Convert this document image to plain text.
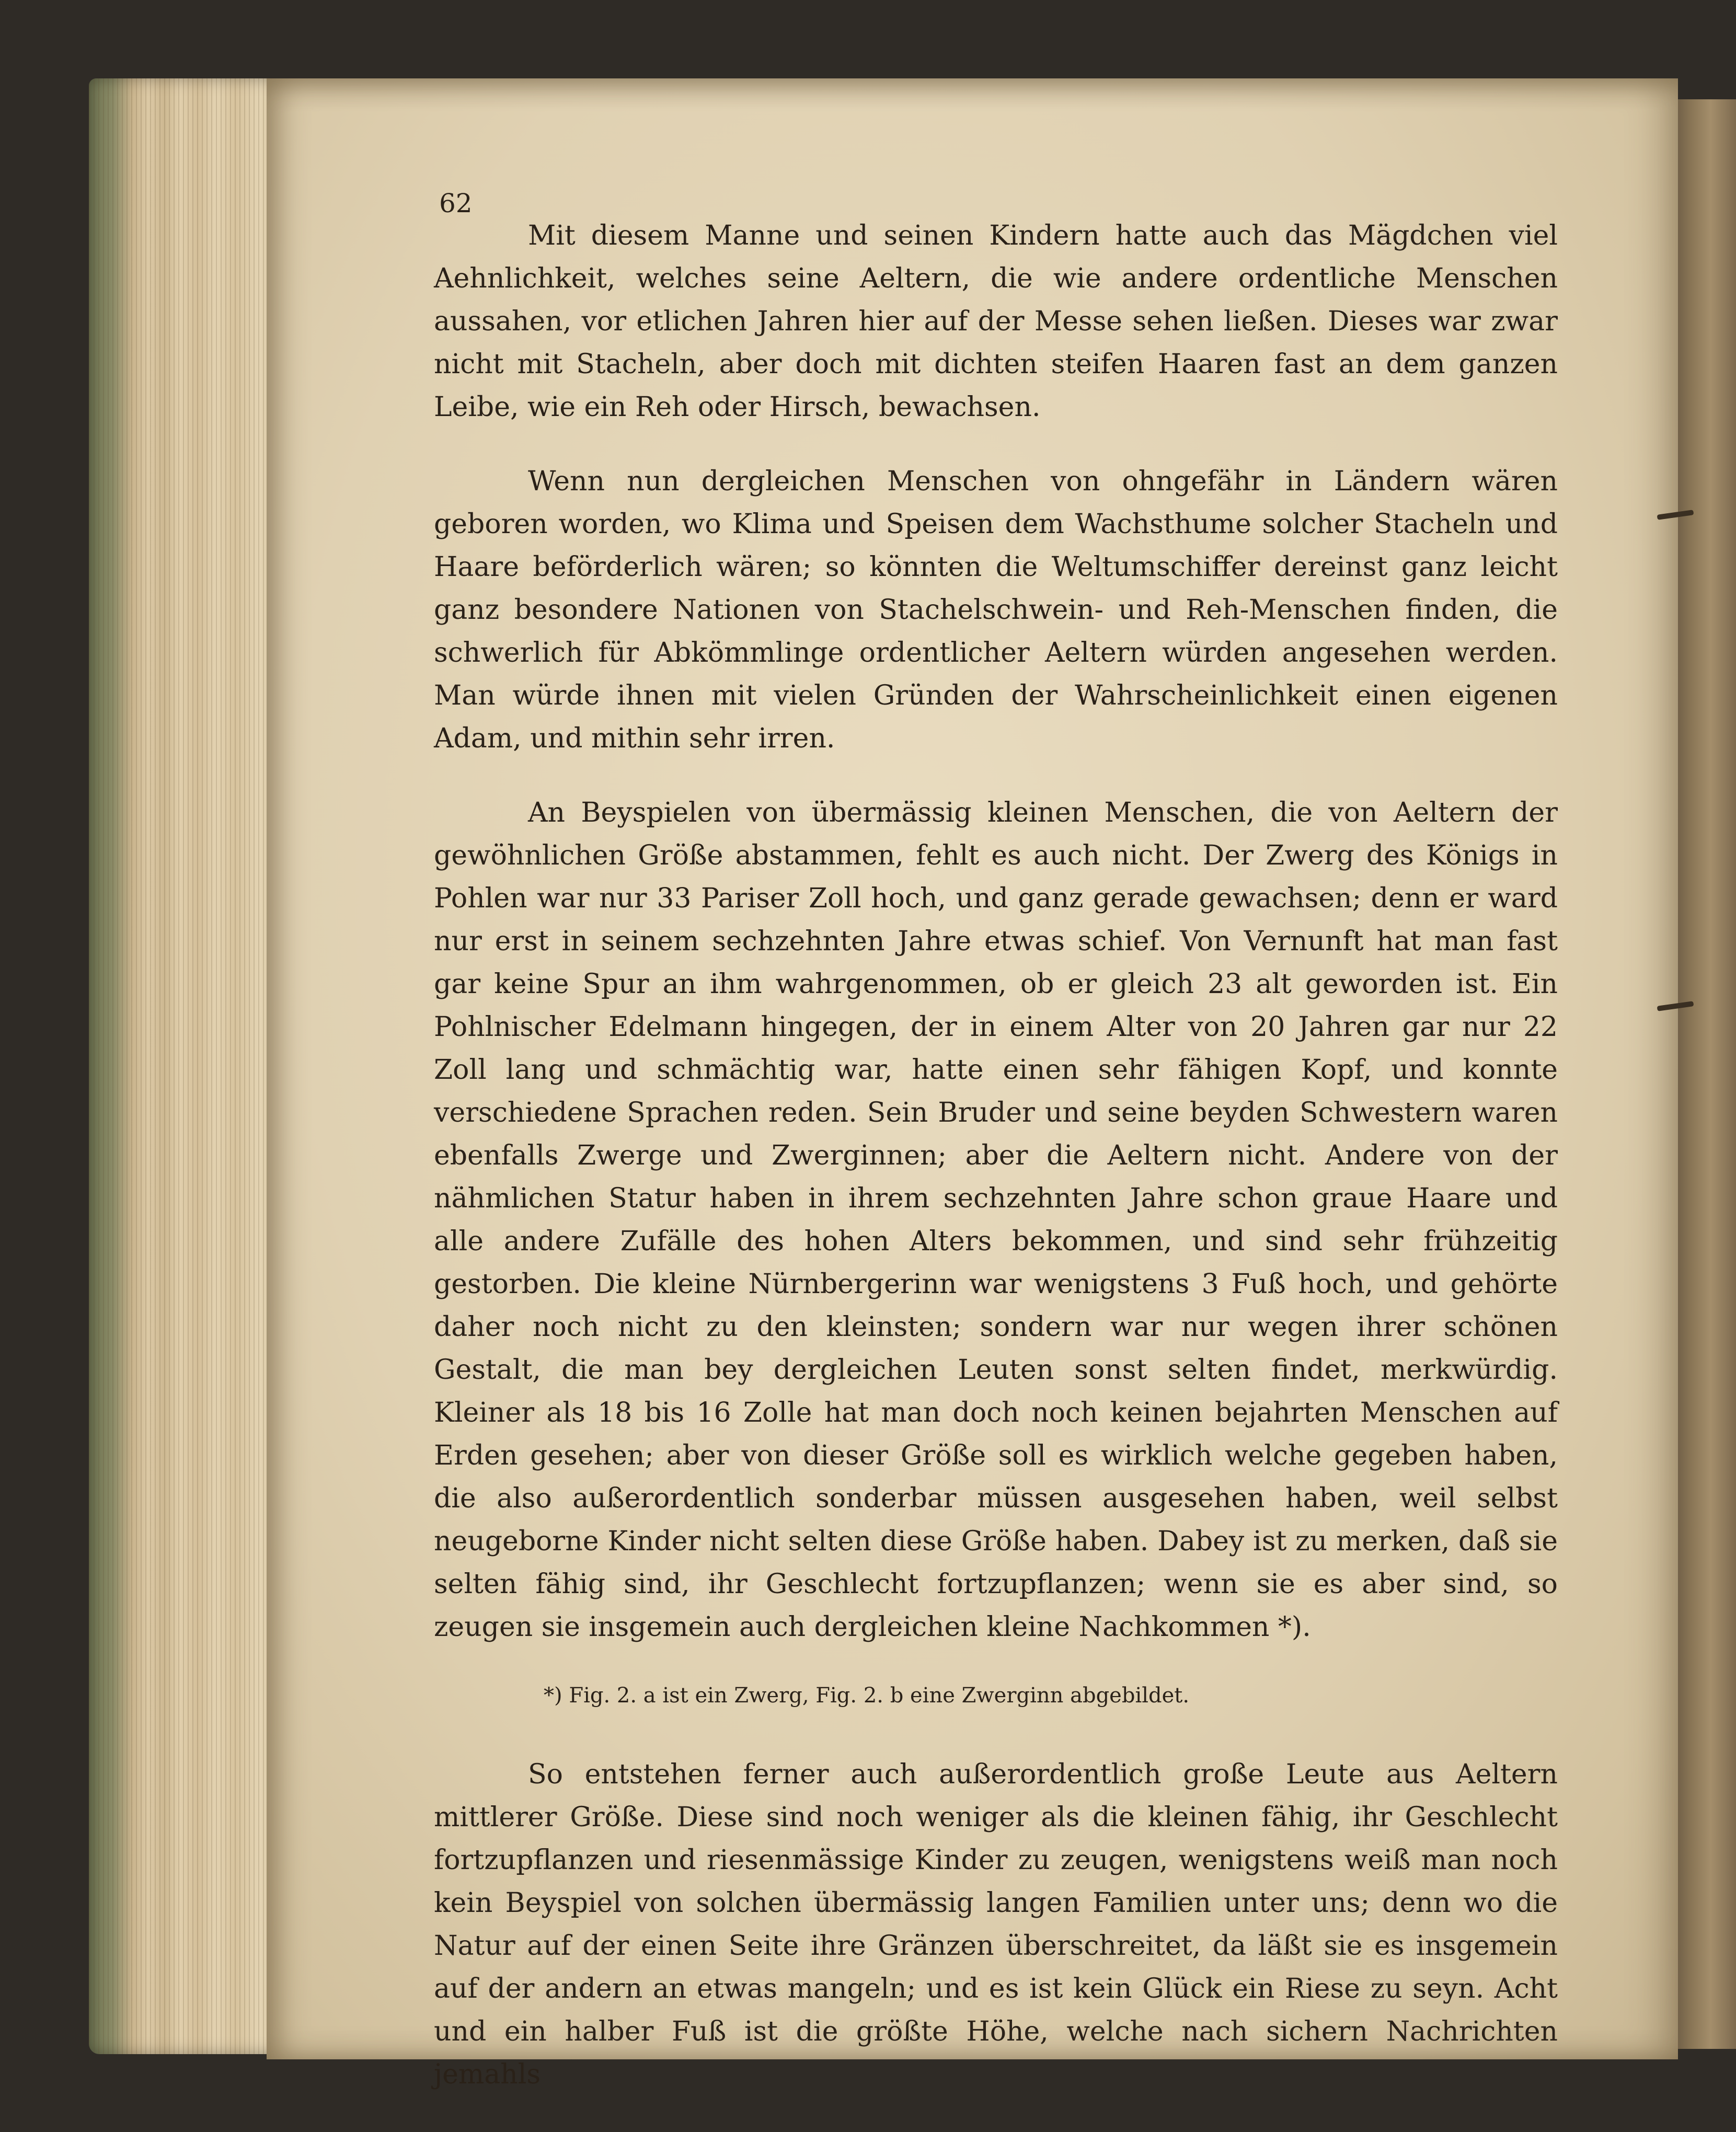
62

Mit diesem Manne und seinen Kindern hatte auch das Mägdchen viel Aehnlichkeit, welches seine Aeltern, die wie andere ordentliche Menschen aussahen, vor etlichen Jahren hier auf der Messe sehen ließen. Dieses war zwar nicht mit Stacheln, aber doch mit dichten steifen Haaren fast an dem ganzen Leibe, wie ein Reh oder Hirsch, bewachsen.

Wenn nun dergleichen Menschen von ohngefähr in Ländern wären geboren worden, wo Klima und Speisen dem Wachsthume solcher Stacheln und Haare beförderlich wären; so könnten die Weltumschiffer dereinst ganz leicht ganz besondere Nationen von Stachelschwein- und Reh-Menschen finden, die schwerlich für Abkömmlinge ordentlicher Aeltern würden angesehen werden. Man würde ihnen mit vielen Gründen der Wahrscheinlichkeit einen eigenen Adam, und mithin sehr irren.

An Beyspielen von übermässig kleinen Menschen, die von Aeltern der gewöhnlichen Größe abstammen, fehlt es auch nicht. Der Zwerg des Königs in Pohlen war nur 33 Pariser Zoll hoch, und ganz gerade gewachsen; denn er ward nur erst in seinem sechzehnten Jahre etwas schief. Von Vernunft hat man fast gar keine Spur an ihm wahrgenommen, ob er gleich 23 alt geworden ist. Ein Pohlnischer Edelmann hingegen, der in einem Alter von 20 Jahren gar nur 22 Zoll lang und schmächtig war, hatte einen sehr fähigen Kopf, und konnte verschiedene Sprachen reden. Sein Bruder und seine beyden Schwestern waren ebenfalls Zwerge und Zwerginnen; aber die Aeltern nicht. Andere von der nähmlichen Statur haben in ihrem sechzehnten Jahre schon graue Haare und alle andere Zufälle des hohen Alters bekommen, und sind sehr frühzeitig gestorben. Die kleine Nürnbergerinn war wenigstens 3 Fuß hoch, und gehörte daher noch nicht zu den kleinsten; sondern war nur wegen ihrer schönen Gestalt, die man bey dergleichen Leuten sonst selten findet, merkwürdig. Kleiner als 18 bis 16 Zolle hat man doch noch keinen bejahrten Menschen auf Erden gesehen; aber von dieser Größe soll es wirklich welche gegeben haben, die also außerordentlich sonderbar müssen ausgesehen haben, weil selbst neugeborne Kinder nicht selten diese Größe haben. Dabey ist zu merken, daß sie selten fähig sind, ihr Geschlecht fortzupflanzen; wenn sie es aber sind, so zeugen sie insgemein auch dergleichen kleine Nachkommen *).

*) Fig. 2. a ist ein Zwerg, Fig. 2. b eine Zwerginn abgebildet.

So entstehen ferner auch außerordentlich große Leute aus Aeltern mittlerer Größe. Diese sind noch weniger als die kleinen fähig, ihr Geschlecht fortzupflanzen und riesenmässige Kinder zu zeugen, wenigstens weiß man noch kein Beyspiel von solchen übermässig langen Familien unter uns; denn wo die Natur auf der einen Seite ihre Gränzen überschreitet, da läßt sie es insgemein auf der andern an etwas mangeln; und es ist kein Glück ein Riese zu seyn. Acht und ein halber Fuß ist die größte Höhe, welche nach sichern Nachrichten jemahls
